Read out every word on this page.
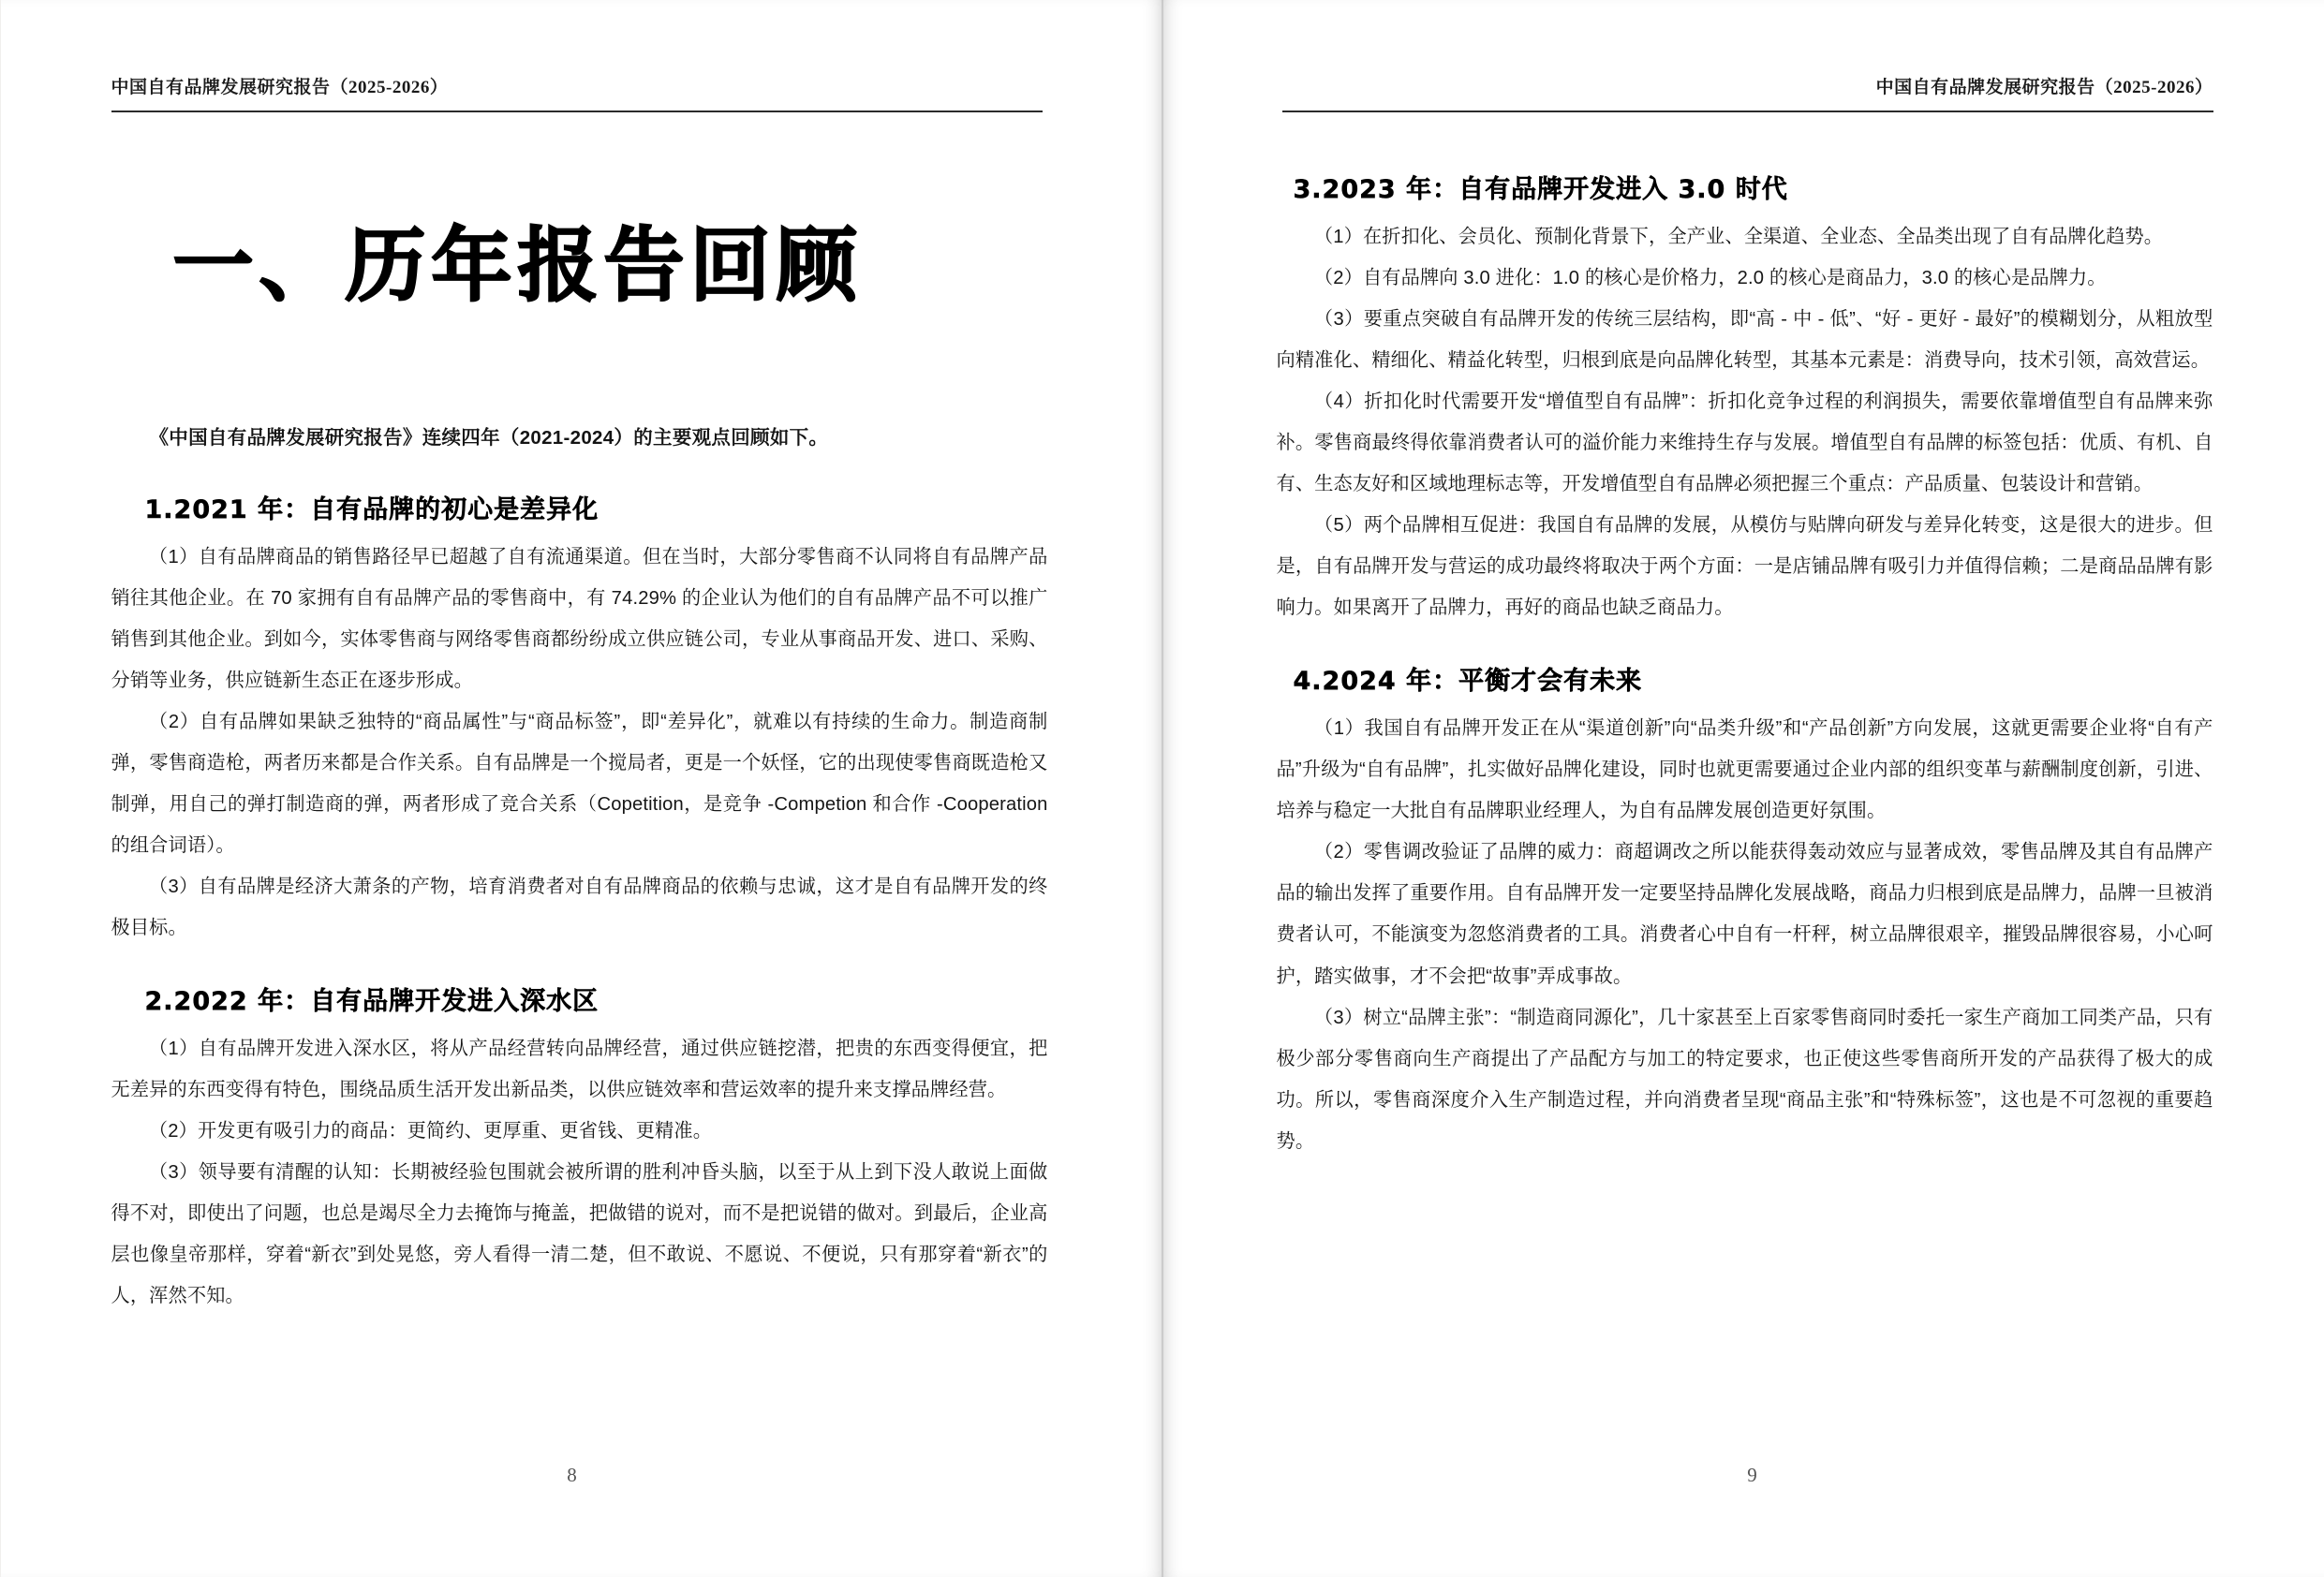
中国自有品牌发展研究报告（2025-2026）
一、历年报告回顾

《中国自有品牌发展研究报告》连续四年（2021-2024）的主要观点回顾如下。

1.2021 年：自有品牌的初心是差异化

（1）自有品牌商品的销售路径早已超越了自有流通渠道。但在当时，大部分零售商不认同将自有品牌产品销往其他企业。在 70 家拥有自有品牌产品的零售商中，有 74.29% 的企业认为他们的自有品牌产品不可以推广销售到其他企业。到如今，实体零售商与网络零售商都纷纷成立供应链公司，专业从事商品开发、进口、采购、分销等业务，供应链新生态正在逐步形成。

（2）自有品牌如果缺乏独特的“商品属性”与“商品标签”，即“差异化”，就难以有持续的生命力。制造商制弹，零售商造枪，两者历来都是合作关系。自有品牌是一个搅局者，更是一个妖怪，它的出现使零售商既造枪又制弹，用自己的弹打制造商的弹，两者形成了竞合关系（Copetition，是竞争 -Competion 和合作 -Cooperation 的组合词语）。

（3）自有品牌是经济大萧条的产物，培育消费者对自有品牌商品的依赖与忠诚，这才是自有品牌开发的终极目标。

2.2022 年：自有品牌开发进入深水区

（1）自有品牌开发进入深水区，将从产品经营转向品牌经营，通过供应链挖潜，把贵的东西变得便宜，把无差异的东西变得有特色，围绕品质生活开发出新品类，以供应链效率和营运效率的提升来支撑品牌经营。

（2）开发更有吸引力的商品：更简约、更厚重、更省钱、更精准。

（3）领导要有清醒的认知：长期被经验包围就会被所谓的胜利冲昏头脑，以至于从上到下没人敢说上面做得不对，即使出了问题，也总是竭尽全力去掩饰与掩盖，把做错的说对，而不是把说错的做对。到最后，企业高层也像皇帝那样，穿着“新衣”到处晃悠，旁人看得一清二楚，但不敢说、不愿说、不便说，只有那穿着“新衣”的人，浑然不知。

8
中国自有品牌发展研究报告（2025-2026）
3.2023 年：自有品牌开发进入 3.0 时代

（1）在折扣化、会员化、预制化背景下，全产业、全渠道、全业态、全品类出现了自有品牌化趋势。

（2）自有品牌向 3.0 进化：1.0 的核心是价格力，2.0 的核心是商品力，3.0 的核心是品牌力。

（3）要重点突破自有品牌开发的传统三层结构，即“高 - 中 - 低”、“好 - 更好 - 最好”的模糊划分，从粗放型向精准化、精细化、精益化转型，归根到底是向品牌化转型，其基本元素是：消费导向，技术引领，高效营运。

（4）折扣化时代需要开发“增值型自有品牌”：折扣化竞争过程的利润损失，需要依靠增值型自有品牌来弥补。零售商最终得依靠消费者认可的溢价能力来维持生存与发展。增值型自有品牌的标签包括：优质、有机、自有、生态友好和区域地理标志等，开发增值型自有品牌必须把握三个重点：产品质量、包装设计和营销。

（5）两个品牌相互促进：我国自有品牌的发展，从模仿与贴牌向研发与差异化转变，这是很大的进步。但是，自有品牌开发与营运的成功最终将取决于两个方面：一是店铺品牌有吸引力并值得信赖；二是商品品牌有影响力。如果离开了品牌力，再好的商品也缺乏商品力。

4.2024 年：平衡才会有未来

（1）我国自有品牌开发正在从“渠道创新”向“品类升级”和“产品创新”方向发展，这就更需要企业将“自有产品”升级为“自有品牌”，扎实做好品牌化建设，同时也就更需要通过企业内部的组织变革与薪酬制度创新，引进、培养与稳定一大批自有品牌职业经理人，为自有品牌发展创造更好氛围。

（2）零售调改验证了品牌的威力：商超调改之所以能获得轰动效应与显著成效，零售品牌及其自有品牌产品的输出发挥了重要作用。自有品牌开发一定要坚持品牌化发展战略，商品力归根到底是品牌力，品牌一旦被消费者认可，不能演变为忽悠消费者的工具。消费者心中自有一杆秤，树立品牌很艰辛，摧毁品牌很容易，小心呵护，踏实做事，才不会把“故事”弄成事故。

（3）树立“品牌主张”：“制造商同源化”，几十家甚至上百家零售商同时委托一家生产商加工同类产品，只有极少部分零售商向生产商提出了产品配方与加工的特定要求，也正使这些零售商所开发的产品获得了极大的成功。所以，零售商深度介入生产制造过程，并向消费者呈现“商品主张”和“特殊标签”，这也是不可忽视的重要趋势。

9
